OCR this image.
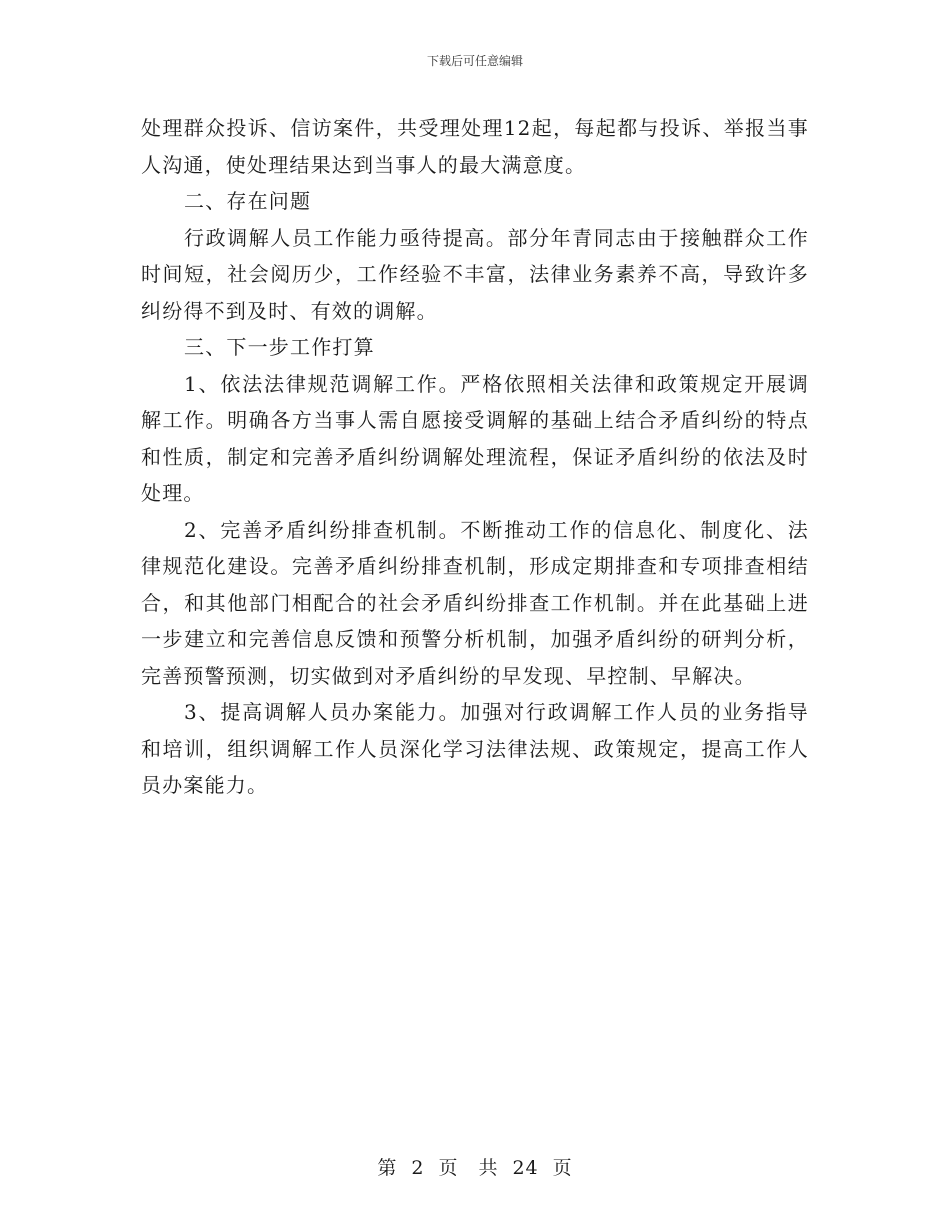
下载后可任意编辑

处理群众投诉、信访案件，共受理处理12起，每起都与投诉、举报当事人沟通，使处理结果达到当事人的最大满意度。

二、存在问题

行政调解人员工作能力亟待提高。部分年青同志由于接触群众工作时间短，社会阅历少，工作经验不丰富，法律业务素养不高，导致许多纠纷得不到及时、有效的调解。

三、下一步工作打算

1、依法法律规范调解工作。严格依照相关法律和政策规定开展调解工作。明确各方当事人需自愿接受调解的基础上结合矛盾纠纷的特点和性质，制定和完善矛盾纠纷调解处理流程，保证矛盾纠纷的依法及时处理。

2、完善矛盾纠纷排查机制。不断推动工作的信息化、制度化、法律规范化建设。完善矛盾纠纷排查机制，形成定期排查和专项排查相结合，和其他部门相配合的社会矛盾纠纷排查工作机制。并在此基础上进一步建立和完善信息反馈和预警分析机制，加强矛盾纠纷的研判分析，完善预警预测，切实做到对矛盾纠纷的早发现、早控制、早解决。

3、提高调解人员办案能力。加强对行政调解工作人员的业务指导和培训，组织调解工作人员深化学习法律法规、政策规定，提高工作人员办案能力。

第 2 页　共 24 页
